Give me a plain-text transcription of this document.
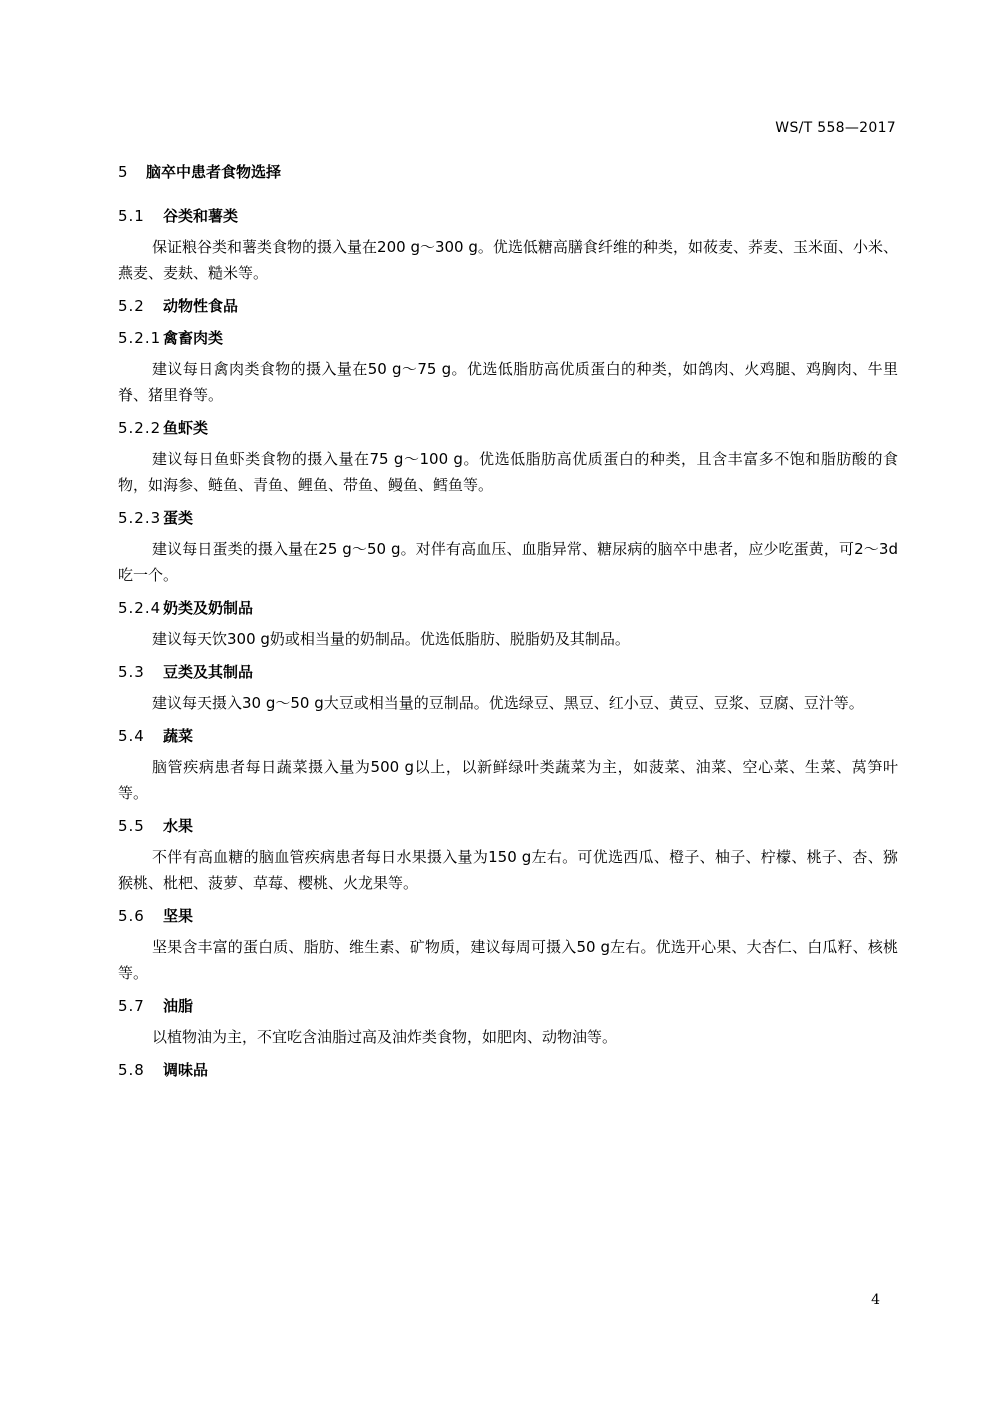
WS/T 558—2017
5 脑卒中患者食物选择
5.1 谷类和薯类

保证粮谷类和薯类食物的摄入量在200 g～300 g。优选低糖高膳食纤维的种类，如莜麦、荞麦、玉米面、小米、燕麦、麦麸、糙米等。

5.2 动物性食品
5.2.1 禽畜肉类

建议每日禽肉类食物的摄入量在50 g～75 g。优选低脂肪高优质蛋白的种类，如鸽肉、火鸡腿、鸡胸肉、牛里脊、猪里脊等。

5.2.2 鱼虾类

建议每日鱼虾类食物的摄入量在75 g～100 g。优选低脂肪高优质蛋白的种类，且含丰富多不饱和脂肪酸的食物，如海参、鲢鱼、青鱼、鲤鱼、带鱼、鳗鱼、鳕鱼等。

5.2.3 蛋类

建议每日蛋类的摄入量在25 g～50 g。对伴有高血压、血脂异常、糖尿病的脑卒中患者，应少吃蛋黄，可2～3d吃一个。

5.2.4 奶类及奶制品

建议每天饮300 g奶或相当量的奶制品。优选低脂肪、脱脂奶及其制品。

5.3 豆类及其制品

建议每天摄入30 g～50 g大豆或相当量的豆制品。优选绿豆、黑豆、红小豆、黄豆、豆浆、豆腐、豆汁等。

5.4 蔬菜

脑管疾病患者每日蔬菜摄入量为500 g以上，以新鲜绿叶类蔬菜为主，如菠菜、油菜、空心菜、生菜、莴笋叶等。

5.5 水果

不伴有高血糖的脑血管疾病患者每日水果摄入量为150 g左右。可优选西瓜、橙子、柚子、柠檬、桃子、杏、猕猴桃、枇杷、菠萝、草莓、樱桃、火龙果等。

5.6 坚果

坚果含丰富的蛋白质、脂肪、维生素、矿物质，建议每周可摄入50 g左右。优选开心果、大杏仁、白瓜籽、核桃等。

5.7 油脂

以植物油为主，不宜吃含油脂过高及油炸类食物，如肥肉、动物油等。

5.8 调味品
4
